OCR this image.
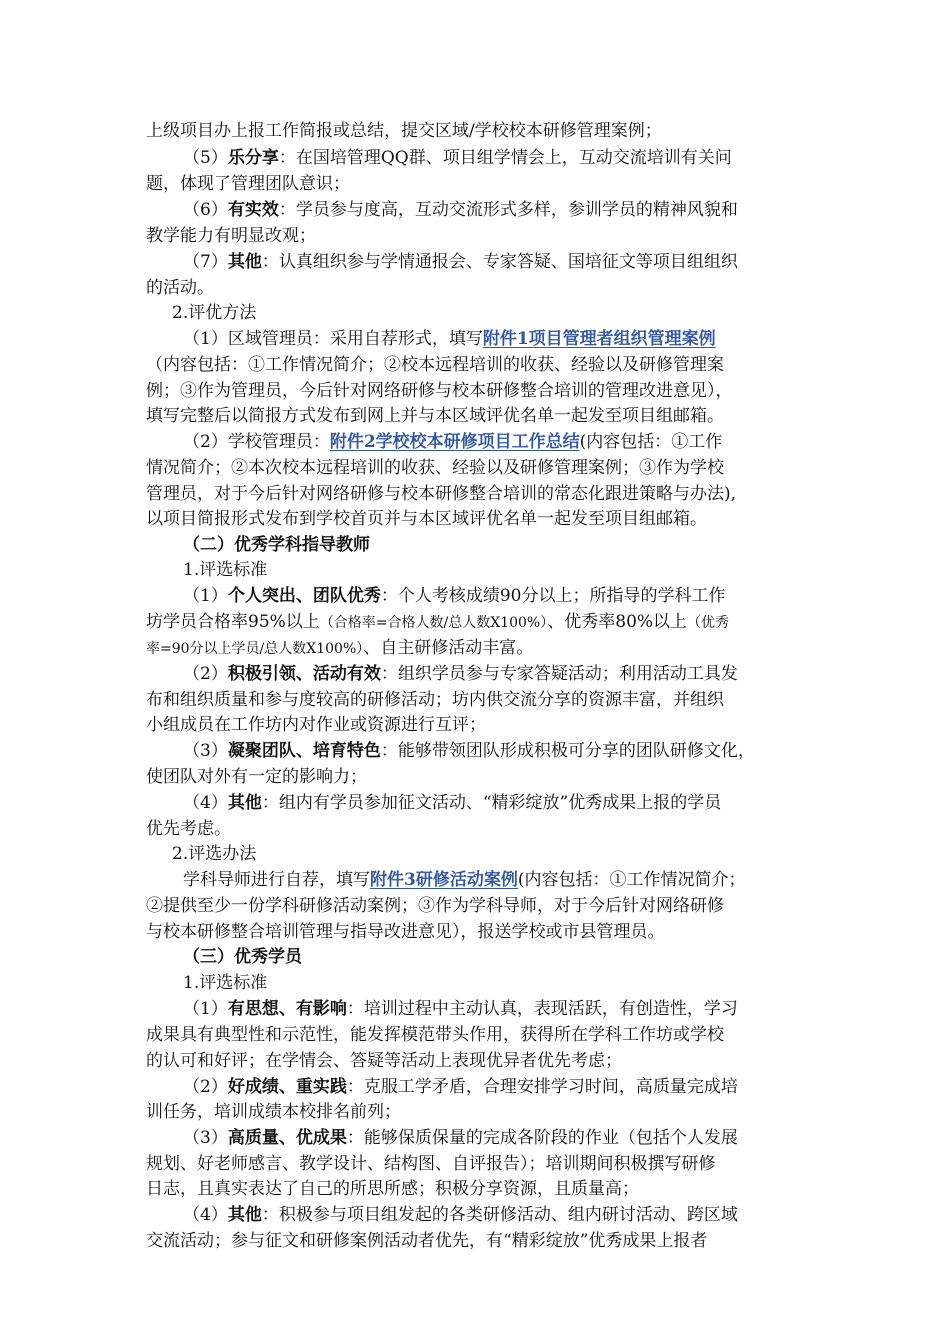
上级项目办上报工作简报或总结，提交区域/学校校本研修管理案例；
（5）乐分享：在国培管理QQ群、项目组学情会上，互动交流培训有关问
题，体现了管理团队意识；
（6）有实效：学员参与度高，互动交流形式多样，参训学员的精神风貌和
教学能力有明显改观；
（7）其他：认真组织参与学情通报会、专家答疑、国培征文等项目组组织
的活动。
2.评优方法
（1）区域管理员：采用自荐形式，填写附件1项目管理者组织管理案例
（内容包括：①工作情况简介；②校本远程培训的收获、经验以及研修管理案
例；③作为管理员，今后针对网络研修与校本研修整合培训的管理改进意见），
填写完整后以简报方式发布到网上并与本区域评优名单一起发至项目组邮箱。
（2）学校管理员：附件2学校校本研修项目工作总结(内容包括：①工作
情况简介；②本次校本远程培训的收获、经验以及研修管理案例；③作为学校
管理员，对于今后针对网络研修与校本研修整合培训的常态化跟进策略与办法),
以项目简报形式发布到学校首页并与本区域评优名单一起发至项目组邮箱。
（二）优秀学科指导教师
1.评选标准
（1）个人突出、团队优秀：个人考核成绩90分以上；所指导的学科工作
坊学员合格率95%以上（合格率=合格人数/总人数X100%）、优秀率80%以上（优秀
率=90分以上学员/总人数X100%）、自主研修活动丰富。
（2）积极引领、活动有效：组织学员参与专家答疑活动；利用活动工具发
布和组织质量和参与度较高的研修活动；坊内供交流分享的资源丰富，并组织
小组成员在工作坊内对作业或资源进行互评；
（3）凝聚团队、培育特色：能够带领团队形成积极可分享的团队研修文化，
使团队对外有一定的影响力；
（4）其他：组内有学员参加征文活动、“精彩绽放”优秀成果上报的学员
优先考虑。
2.评选办法
学科导师进行自荐，填写附件3研修活动案例(内容包括：①工作情况简介；
②提供至少一份学科研修活动案例；③作为学科导师，对于今后针对网络研修
与校本研修整合培训管理与指导改进意见），报送学校或市县管理员。
（三）优秀学员
1.评选标准
（1）有思想、有影响：培训过程中主动认真，表现活跃，有创造性，学习
成果具有典型性和示范性，能发挥模范带头作用，获得所在学科工作坊或学校
的认可和好评；在学情会、答疑等活动上表现优异者优先考虑；
（2）好成绩、重实践：克服工学矛盾，合理安排学习时间，高质量完成培
训任务，培训成绩本校排名前列；
（3）高质量、优成果：能够保质保量的完成各阶段的作业（包括个人发展
规划、好老师感言、教学设计、结构图、自评报告）；培训期间积极撰写研修
日志，且真实表达了自己的所思所感；积极分享资源，且质量高；
（4）其他：积极参与项目组发起的各类研修活动、组内研讨活动、跨区域
交流活动；参与征文和研修案例活动者优先，有“精彩绽放”优秀成果上报者
